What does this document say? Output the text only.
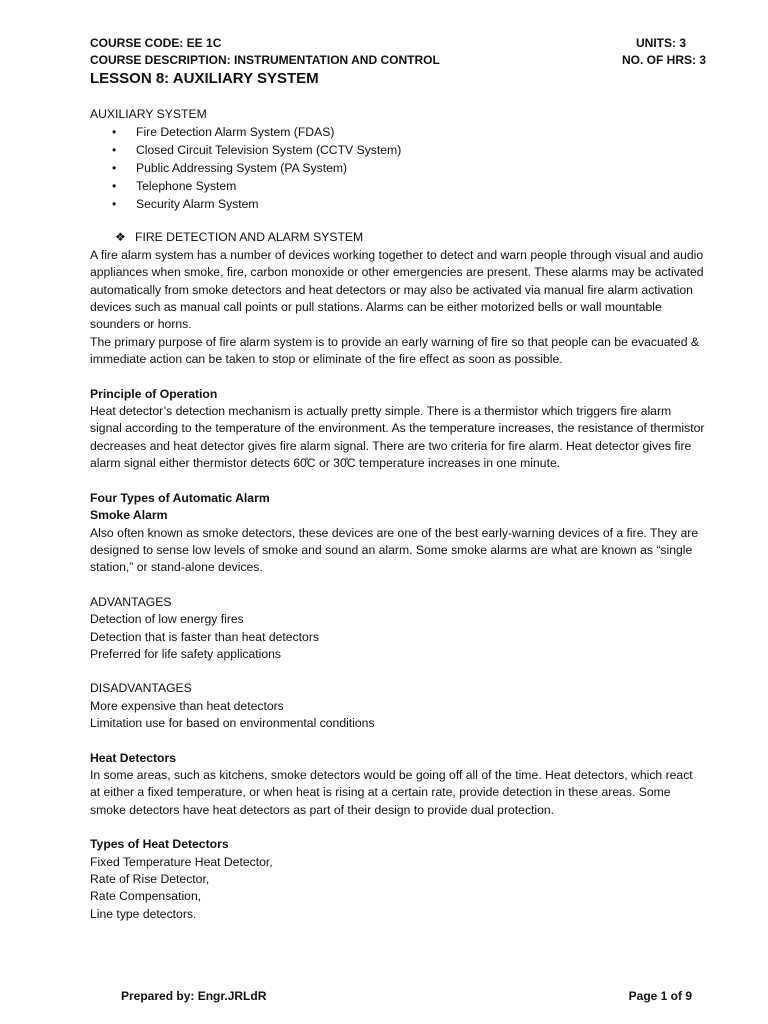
COURSE CODE: EE 1C	UNITS: 3
COURSE DESCRIPTION: INSTRUMENTATION AND CONTROL	NO. OF HRS: 3
LESSON 8: AUXILIARY SYSTEM
AUXILIARY SYSTEM
•	Fire Detection Alarm System (FDAS)
•	Closed Circuit Television System (CCTV System)
•	Public Addressing System (PA System)
•	Telephone System
•	Security Alarm System
❖ FIRE DETECTION AND ALARM SYSTEM

A fire alarm system has a number of devices working together to detect and warn people through visual and audio appliances when smoke, fire, carbon monoxide or other emergencies are present. These alarms may be activated automatically from smoke detectors and heat detectors or may also be activated via manual fire alarm activation devices such as manual call points or pull stations. Alarms can be either motorized bells or wall mountable sounders or horns.

The primary purpose of fire alarm system is to provide an early warning of fire so that people can be evacuated & immediate action can be taken to stop or eliminate of the fire effect as soon as possible.

Principle of Operation

Heat detector’s detection mechanism is actually pretty simple. There is a thermistor which triggers fire alarm signal according to the temperature of the environment. As the temperature increases, the resistance of thermistor decreases and heat detector gives fire alarm signal. There are two criteria for fire alarm. Heat detector gives fire alarm signal either thermistor detects 60̊C or 30̊C temperature increases in one minute.

Four Types of Automatic Alarm
Smoke Alarm

Also often known as smoke detectors, these devices are one of the best early-warning devices of a fire. They are designed to sense low levels of smoke and sound an alarm. Some smoke alarms are what are known as “single station,” or stand-alone devices.

ADVANTAGES
Detection of low energy fires
Detection that is faster than heat detectors
Preferred for life safety applications
DISADVANTAGES
More expensive than heat detectors
Limitation use for based on environmental conditions
Heat Detectors

In some areas, such as kitchens, smoke detectors would be going off all of the time. Heat detectors, which react at either a fixed temperature, or when heat is rising at a certain rate, provide detection in these areas. Some smoke detectors have heat detectors as part of their design to provide dual protection.

Types of Heat Detectors
Fixed Temperature Heat Detector,
Rate of Rise Detector,
Rate Compensation,
Line type detectors.
Prepared by: Engr.JRLdR	Page 1 of 9
